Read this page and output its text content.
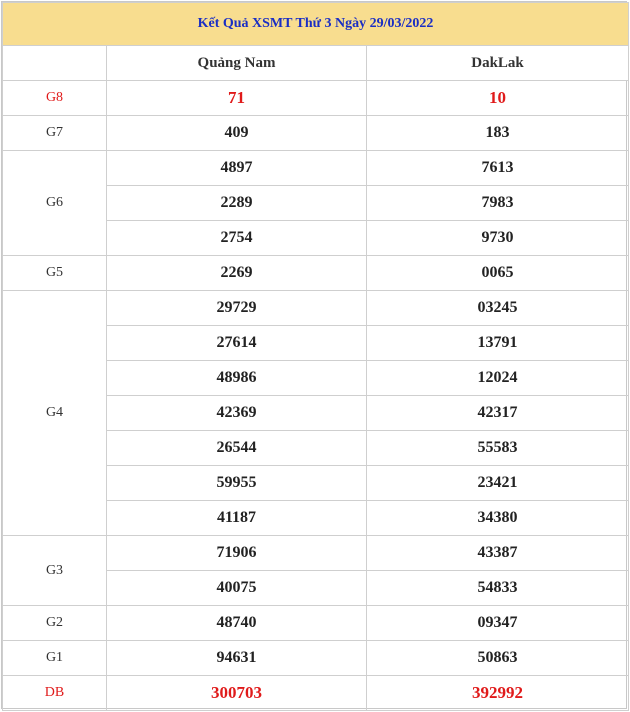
Kết Quả XSMT Thứ 3 Ngày 29/03/2022		
	Quảng Nam	DakLak
G8	71	10
G7	409	183
G6	4897	7613
	2289	7983
	2754	9730
G5	2269	0065
G4	29729	03245
	27614	13791
	48986	12024
	42369	42317
	26544	55583
	59955	23421
	41187	34380
G3	71906	43387
	40075	54833
G2	48740	09347
G1	94631	50863
DB	300703	392992
